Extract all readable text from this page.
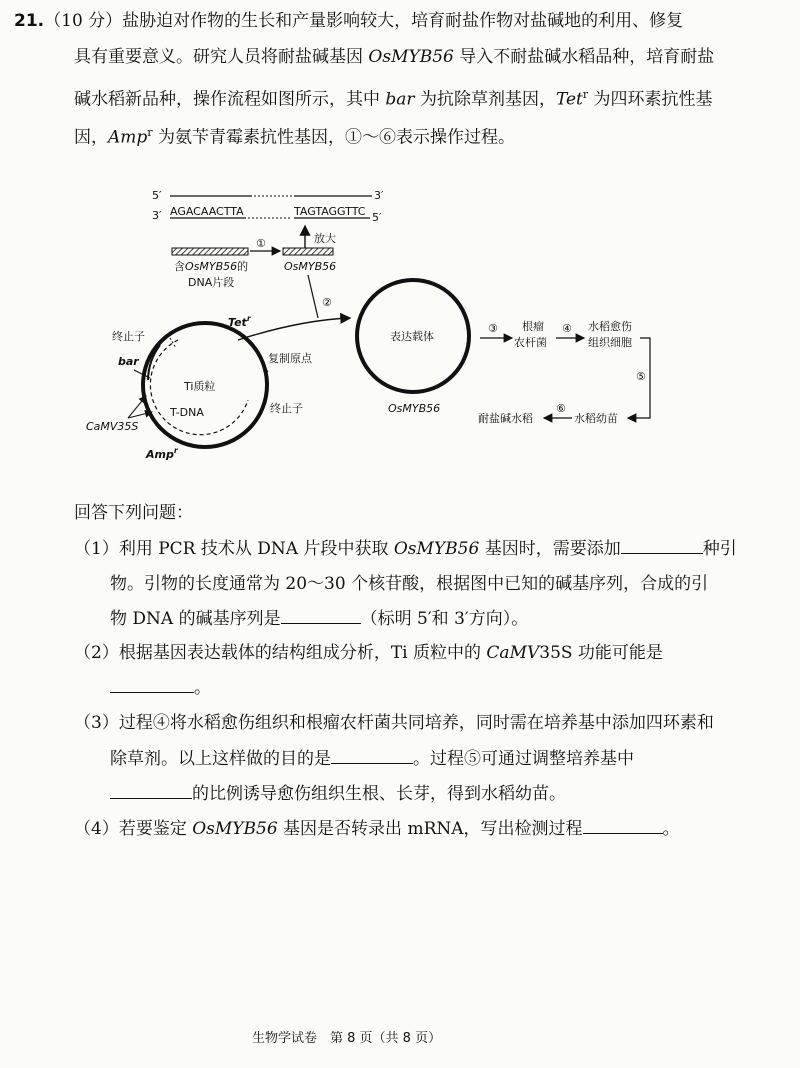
21.（10 分）盐胁迫对作物的生长和产量影响较大，培育耐盐作物对盐碱地的利用、修复
具有重要意义。研究人员将耐盐碱基因 OsMYB56 导入不耐盐碱水稻品种，培育耐盐
碱水稻新品种，操作流程如图所示，其中 bar 为抗除草剂基因，Tet$^r$ 为四环素抗性基
因，Amp$^r$ 为氨苄青霉素抗性基因，①～⑥表示操作过程。
5′	3′
3′ AGACAACTTA	TAGTAGGTTC 5′
放大
①
含OsMYB56的
DNA片段
OsMYB56
②
终止子
bar
CaMV35S
Ti质粒
T-DNA
Tet$^r$
复制原点
终止子
Amp$^r$
表达载体
OsMYB56
③ 根瘤
农杆菌
④ 水稻愈伤
组织细胞
⑤
水稻幼苗
⑥
耐盐碱水稻
回答下列问题：
（1）利用 PCR 技术从 DNA 片段中获取 OsMYB56 基因时，需要添加	种引
物。引物的长度通常为 20～30 个核苷酸，根据图中已知的碱基序列，合成的引
物 DNA 的碱基序列是	（标明 5′和 3′方向）。
（2）根据基因表达载体的结构组成分析，Ti 质粒中的 CaMV35S 功能可能是
。
（3）过程④将水稻愈伤组织和根瘤农杆菌共同培养，同时需在培养基中添加四环素和
除草剂。以上这样做的目的是	。过程⑤可通过调整培养基中
的比例诱导愈伤组织生根、长芽，得到水稻幼苗。
（4）若要鉴定 OsMYB56 基因是否转录出 mRNA，写出检测过程	。
生物学试卷　第 8 页（共 8 页）
